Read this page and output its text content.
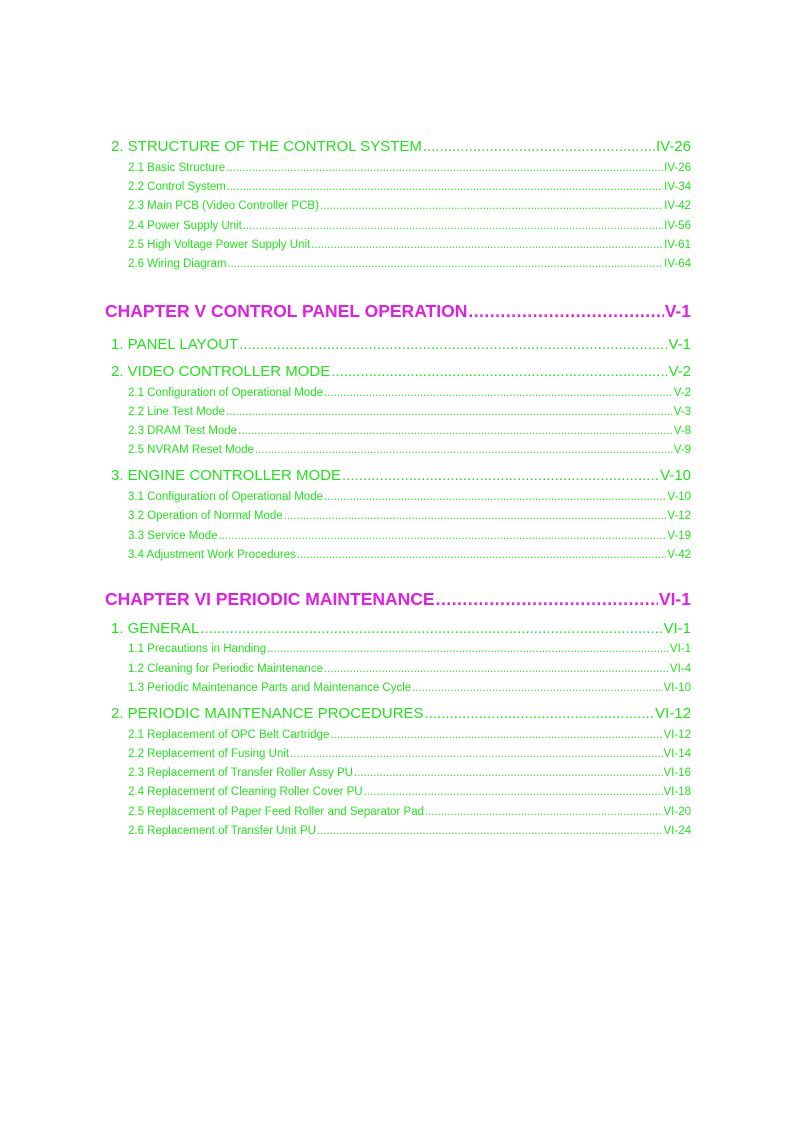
2. STRUCTURE OF THE CONTROL SYSTEM .....	IV-26
2.1 Basic Structure .....	IV-26
2.2 Control System .....	IV-34
2.3 Main PCB (Video Controller PCB) .....	IV-42
2.4 Power Supply Unit .....	IV-56
2.5 High Voltage Power Supply Unit .....	IV-61
2.6 Wiring Diagram .....	IV-64
CHAPTER V CONTROL PANEL OPERATION .....	V-1
1. PANEL LAYOUT .....	V-1
2. VIDEO CONTROLLER MODE .....	V-2
2.1 Configuration of Operational Mode .....	V-2
2.2 Line Test Mode .....	V-3
2.3 DRAM Test Mode .....	V-8
2.5 NVRAM Reset Mode .....	V-9
3. ENGINE CONTROLLER MODE .....	V-10
3.1 Configuration of Operational Mode .....	V-10
3.2 Operation of Normal Mode .....	V-12
3.3 Service Mode .....	V-19
3.4 Adjustment Work Procedures .....	V-42
CHAPTER VI PERIODIC MAINTENANCE .....	VI-1
1. GENERAL .....	VI-1
1.1 Precautions in Handing .....	VI-1
1.2 Cleaning for Periodic Maintenance .....	VI-4
1.3 Periodic Maintenance Parts and Maintenance Cycle .....	VI-10
2. PERIODIC MAINTENANCE PROCEDURES .....	VI-12
2.1 Replacement of OPC Belt Cartridge .....	VI-12
2.2 Replacement of Fusing Unit .....	VI-14
2.3 Replacement of Transfer Roller Assy PU .....	VI-16
2.4 Replacement of Cleaning Roller Cover PU .....	VI-18
2.5 Replacement of Paper Feed Roller and Separator Pad .....	VI-20
2.6 Replacement of Transfer Unit PU .....	VI-24
